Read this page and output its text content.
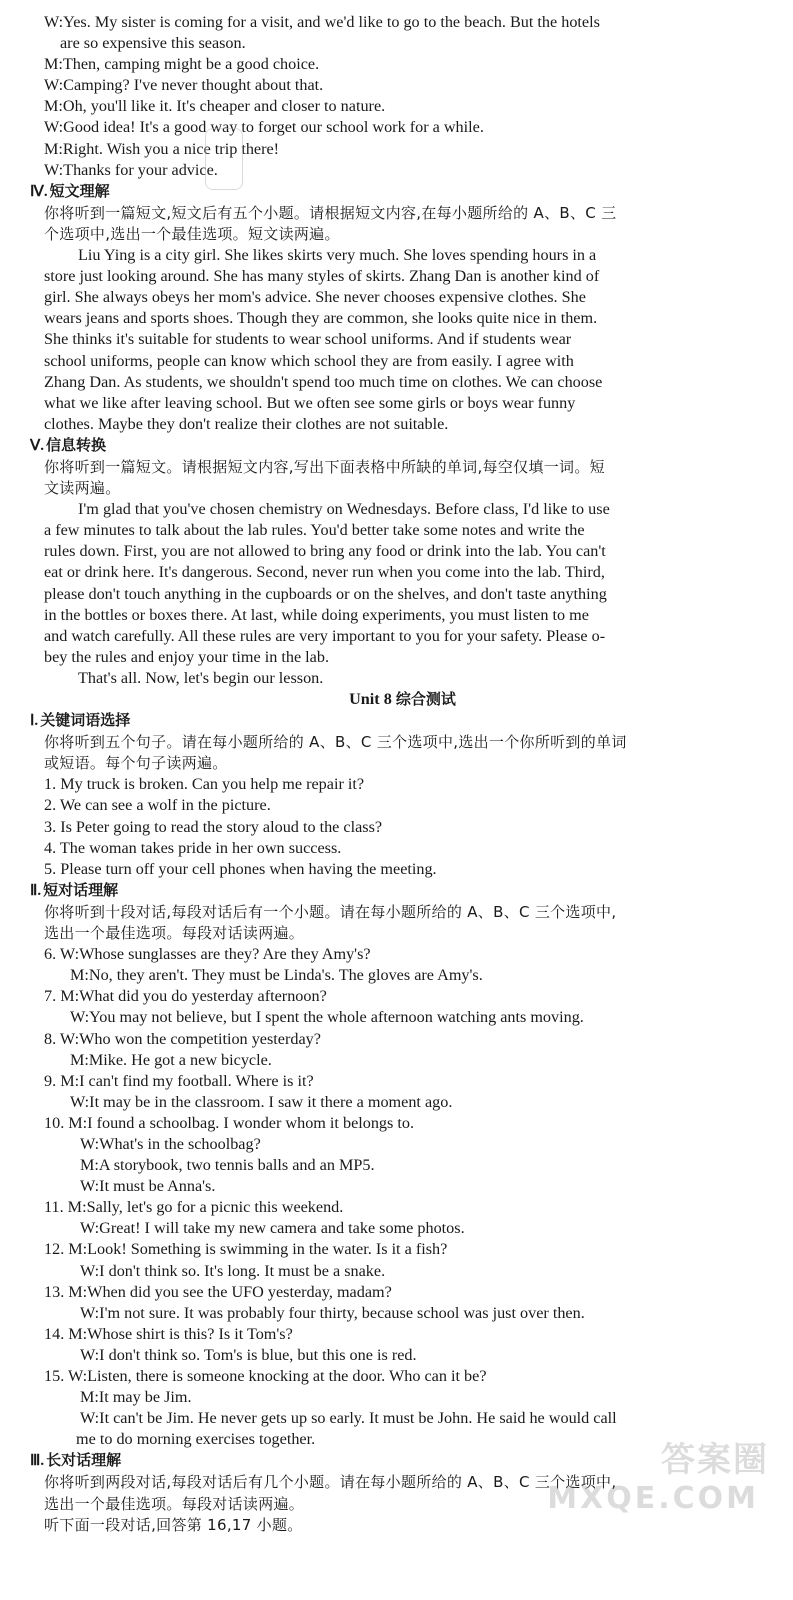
W:Yes. My sister is coming for a visit, and we'd like to go to the beach. But the hotels
are so expensive this season.
M:Then, camping might be a good choice.
W:Camping? I've never thought about that.
M:Oh, you'll like it. It's cheaper and closer to nature.
W:Good idea! It's a good way to forget our school work for a while.
M:Right. Wish you a nice trip there!
W:Thanks for your advice.
Ⅳ. 短文理解
你将听到一篇短文,短文后有五个小题。请根据短文内容,在每小题所给的 A、B、C 三
个选项中,选出一个最佳选项。短文读两遍。
Liu Ying is a city girl. She likes skirts very much. She loves spending hours in a
store just looking around. She has many styles of skirts. Zhang Dan is another kind of
girl. She always obeys her mom's advice. She never chooses expensive clothes. She
wears jeans and sports shoes. Though they are common, she looks quite nice in them.
She thinks it's suitable for students to wear school uniforms. And if students wear
school uniforms, people can know which school they are from easily. I agree with
Zhang Dan. As students, we shouldn't spend too much time on clothes. We can choose
what we like after leaving school. But we often see some girls or boys wear funny
clothes. Maybe they don't realize their clothes are not suitable.
Ⅴ. 信息转换
你将听到一篇短文。请根据短文内容,写出下面表格中所缺的单词,每空仅填一词。短
文读两遍。
I'm glad that you've chosen chemistry on Wednesdays. Before class, I'd like to use
a few minutes to talk about the lab rules. You'd better take some notes and write the
rules down. First, you are not allowed to bring any food or drink into the lab. You can't
eat or drink here. It's dangerous. Second, never run when you come into the lab. Third,
please don't touch anything in the cupboards or on the shelves, and don't taste anything
in the bottles or boxes there. At last, while doing experiments, you must listen to me
and watch carefully. All these rules are very important to you for your safety. Please o-
bey the rules and enjoy your time in the lab.
That's all. Now, let's begin our lesson.
Unit 8 综合测试
Ⅰ. 关键词语选择
你将听到五个句子。请在每小题所给的 A、B、C 三个选项中,选出一个你所听到的单词
或短语。每个句子读两遍。
1. My truck is broken. Can you help me repair it?
2. We can see a wolf in the picture.
3. Is Peter going to read the story aloud to the class?
4. The woman takes pride in her own success.
5. Please turn off your cell phones when having the meeting.
Ⅱ. 短对话理解
你将听到十段对话,每段对话后有一个小题。请在每小题所给的 A、B、C 三个选项中,
选出一个最佳选项。每段对话读两遍。
6. W:Whose sunglasses are they? Are they Amy's?
M:No, they aren't. They must be Linda's. The gloves are Amy's.
7. M:What did you do yesterday afternoon?
W:You may not believe, but I spent the whole afternoon watching ants moving.
8. W:Who won the competition yesterday?
M:Mike. He got a new bicycle.
9. M:I can't find my football. Where is it?
W:It may be in the classroom. I saw it there a moment ago.
10. M:I found a schoolbag. I wonder whom it belongs to.
W:What's in the schoolbag?
M:A storybook, two tennis balls and an MP5.
W:It must be Anna's.
11. M:Sally, let's go for a picnic this weekend.
W:Great! I will take my new camera and take some photos.
12. M:Look! Something is swimming in the water. Is it a fish?
W:I don't think so. It's long. It must be a snake.
13. M:When did you see the UFO yesterday, madam?
W:I'm not sure. It was probably four thirty, because school was just over then.
14. M:Whose shirt is this? Is it Tom's?
W:I don't think so. Tom's is blue, but this one is red.
15. W:Listen, there is someone knocking at the door. Who can it be?
M:It may be Jim.
W:It can't be Jim. He never gets up so early. It must be John. He said he would call
me to do morning exercises together.
Ⅲ. 长对话理解
你将听到两段对话,每段对话后有几个小题。请在每小题所给的 A、B、C 三个选项中,
选出一个最佳选项。每段对话读两遍。
听下面一段对话,回答第 16,17 小题。
答案圈
MXQE.COM
